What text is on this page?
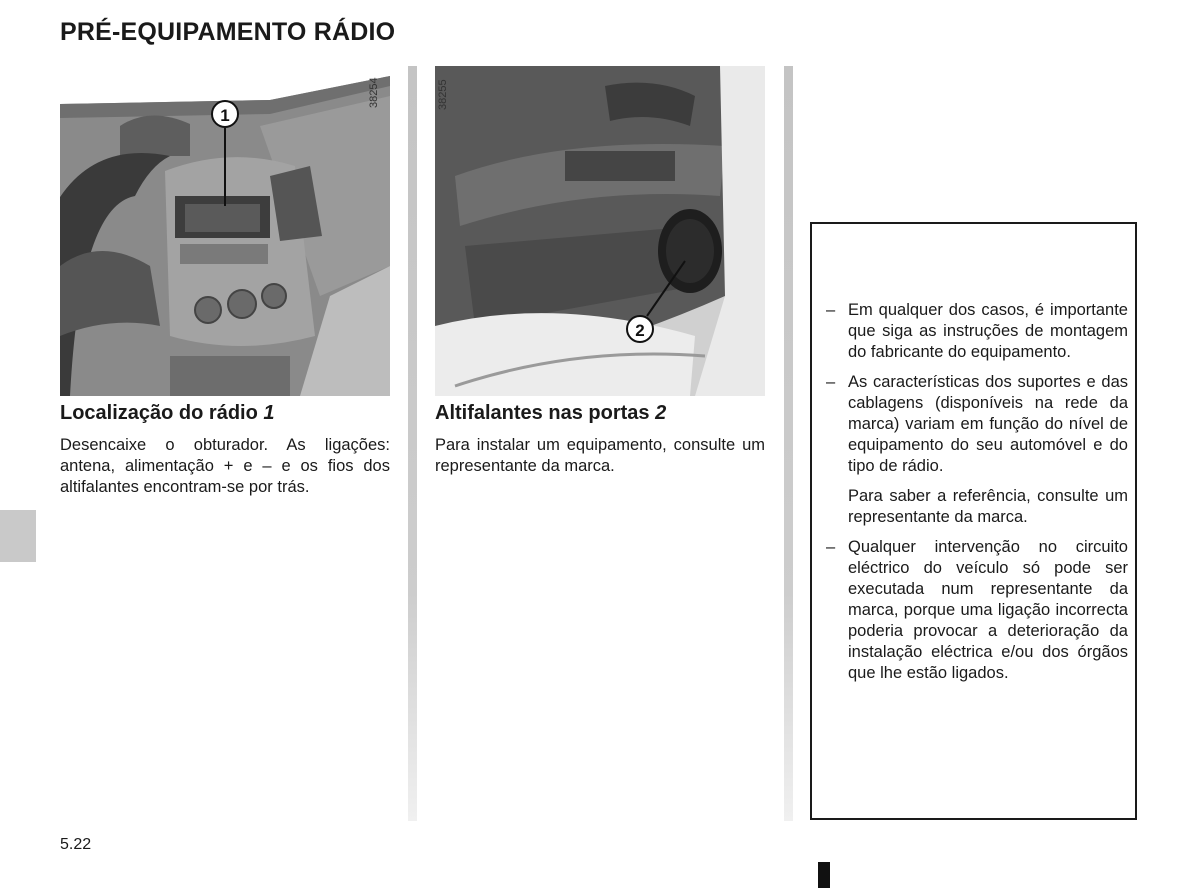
PRÉ-EQUIPAMENTO RÁDIO
1
38254
Localização do rádio 1
Desencaixe o obturador. As ligações: antena, alimentação + e – e os fios dos altifalantes encontram-se por trás.
2
38255
Altifalantes nas portas 2
Para instalar um equipamento, consulte um representante da marca.
– Em qualquer dos casos, é importante que siga as instruções de montagem do fabricante do equipamento.
– As características dos suportes e das cablagens (disponíveis na rede da marca) variam em função do nível de equipamento do seu automóvel e do tipo de rádio.
Para saber a referência, consulte um representante da marca.
– Qualquer intervenção no circuito eléctrico do veículo só pode ser executada num representante da marca, porque uma ligação incorrecta poderia provocar a deterioração da instalação eléctrica e/ou dos órgãos que lhe estão ligados.
5.22
